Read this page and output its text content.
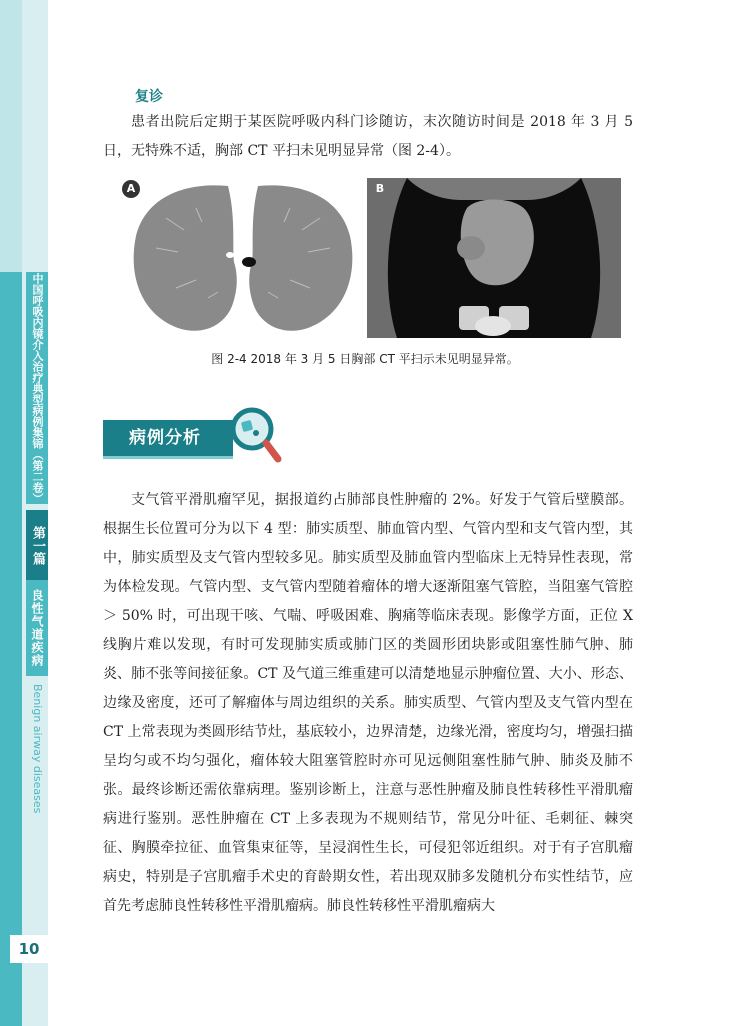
中国呼吸内镜介入治疗典型病例集锦（第二卷）
第一篇
良性气道疾病
Benign airway diseases
10
复诊

患者出院后定期于某医院呼吸内科门诊随访，末次随访时间是 2018 年 3 月 5 日，无特殊不适，胸部 CT 平扫未见明显异常（图 2-4）。

A	B
图 2-4 2018 年 3 月 5 日胸部 CT 平扫示未见明显异常。
病例分析

支气管平滑肌瘤罕见，据报道约占肺部良性肿瘤的 2%。好发于气管后壁膜部。根据生长位置可分为以下 4 型：肺实质型、肺血管内型、气管内型和支气管内型，其中，肺实质型及支气管内型较多见。肺实质型及肺血管内型临床上无特异性表现，常为体检发现。气管内型、支气管内型随着瘤体的增大逐渐阻塞气管腔，当阻塞气管腔＞ 50% 时，可出现干咳、气喘、呼吸困难、胸痛等临床表现。影像学方面，正位 X 线胸片难以发现，有时可发现肺实质或肺门区的类圆形团块影或阻塞性肺气肿、肺炎、肺不张等间接征象。CT 及气道三维重建可以清楚地显示肿瘤位置、大小、形态、边缘及密度，还可了解瘤体与周边组织的关系。肺实质型、气管内型及支气管内型在 CT 上常表现为类圆形结节灶，基底较小，边界清楚，边缘光滑，密度均匀，增强扫描呈均匀或不均匀强化，瘤体较大阻塞管腔时亦可见远侧阻塞性肺气肿、肺炎及肺不张。最终诊断还需依靠病理。鉴别诊断上，注意与恶性肿瘤及肺良性转移性平滑肌瘤病进行鉴别。恶性肿瘤在 CT 上多表现为不规则结节，常见分叶征、毛刺征、棘突征、胸膜牵拉征、血管集束征等，呈浸润性生长，可侵犯邻近组织。对于有子宫肌瘤病史，特别是子宫肌瘤手术史的育龄期女性，若出现双肺多发随机分布实性结节，应首先考虑肺良性转移性平滑肌瘤病。肺良性转移性平滑肌瘤病大
